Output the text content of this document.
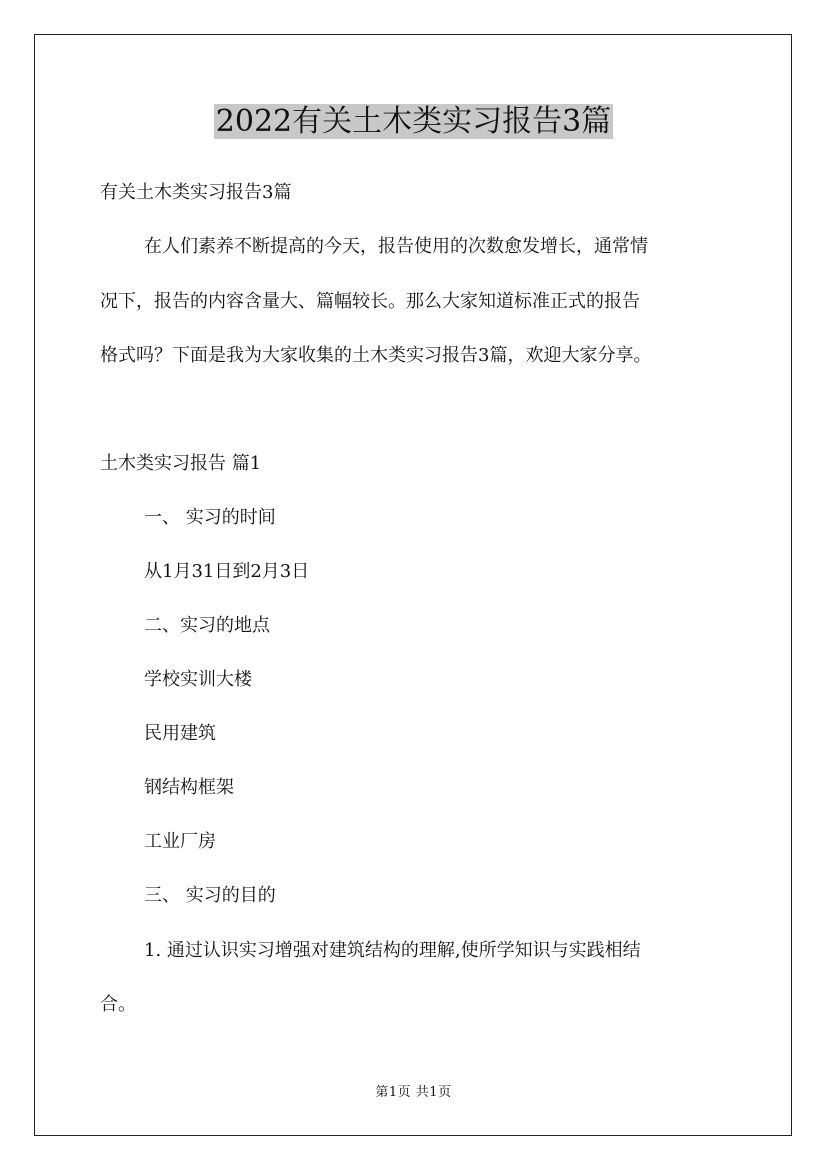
2022有关土木类实习报告3篇
有关土木类实习报告3篇
在人们素养不断提高的今天，报告使用的次数愈发增长，通常情
况下，报告的内容含量大、篇幅较长。那么大家知道标准正式的报告
格式吗？下面是我为大家收集的土木类实习报告3篇，欢迎大家分享。
土木类实习报告 篇1
一、 实习的时间
从1月31日到2月3日
二、实习的地点
学校实训大楼
民用建筑
钢结构框架
工业厂房
三、 实习的目的
1. 通过认识实习增强对建筑结构的理解,使所学知识与实践相结
合。
第1页 共1页
